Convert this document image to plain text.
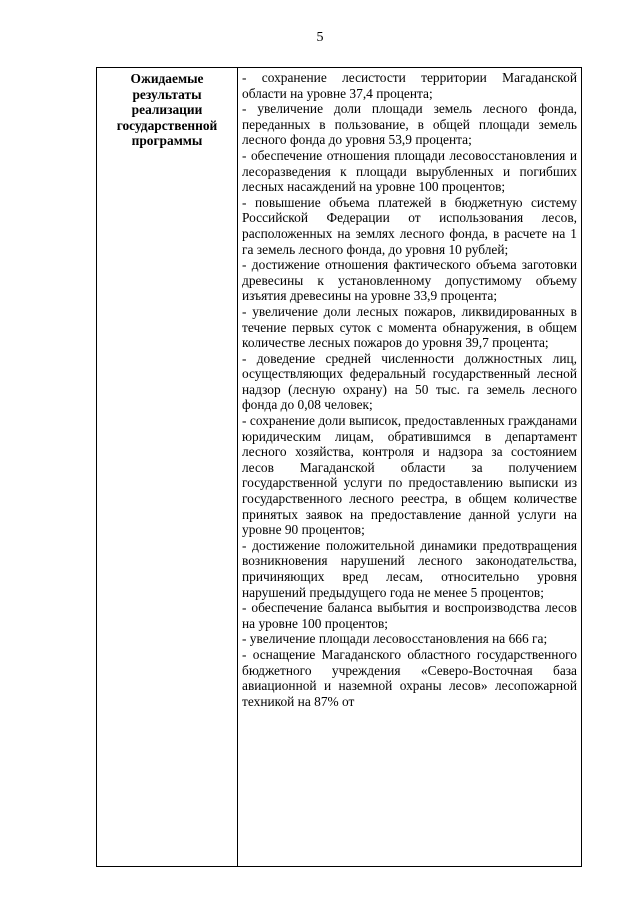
5
Ожидаемые результаты реализации государственной программы

- сохранение лесистости территории Магаданской области на уровне 37,4 процента;

- увеличение доли площади земель лесного фонда, переданных в пользование, в общей площади земель лесного фонда до уровня 53,9 процента;

- обеспечение отношения площади лесовосстановления и лесоразведения к площади вырубленных и погибших лесных насаждений на уровне 100 процентов;

- повышение объема платежей в бюджетную систему Российской Федерации от использования лесов, расположенных на землях лесного фонда, в расчете на 1 га земель лесного фонда, до уровня 10 рублей;

- достижение отношения фактического объема заготовки древесины к установленному допустимому объему изъятия древесины на уровне 33,9 процента;

- увеличение доли лесных пожаров, ликвидированных в течение первых суток с момента обнаружения, в общем количестве лесных пожаров до уровня 39,7 процента;

- доведение средней численности должностных лиц, осуществляющих федеральный государственный лесной надзор (лесную охрану) на 50 тыс. га земель лесного фонда до 0,08 человек;

- сохранение доли выписок, предоставленных гражданами юридическим лицам, обратившимся в департамент лесного хозяйства, контроля и надзора за состоянием лесов Магаданской области за получением государственной услуги по предоставлению выписки из государственного лесного реестра, в общем количестве принятых заявок на предоставление данной услуги на уровне 90 процентов;

- достижение положительной динамики предотвращения возникновения нарушений лесного законодательства, причиняющих вред лесам, относительно уровня нарушений предыдущего года не менее 5 процентов;

- обеспечение баланса выбытия и воспроизводства лесов на уровне 100 процентов;

- увеличение площади лесовосстановления на 666 га;

- оснащение Магаданского областного государственного бюджетного учреждения «Северо-Восточная база авиационной и наземной охраны лесов» лесопожарной техникой на 87% от
